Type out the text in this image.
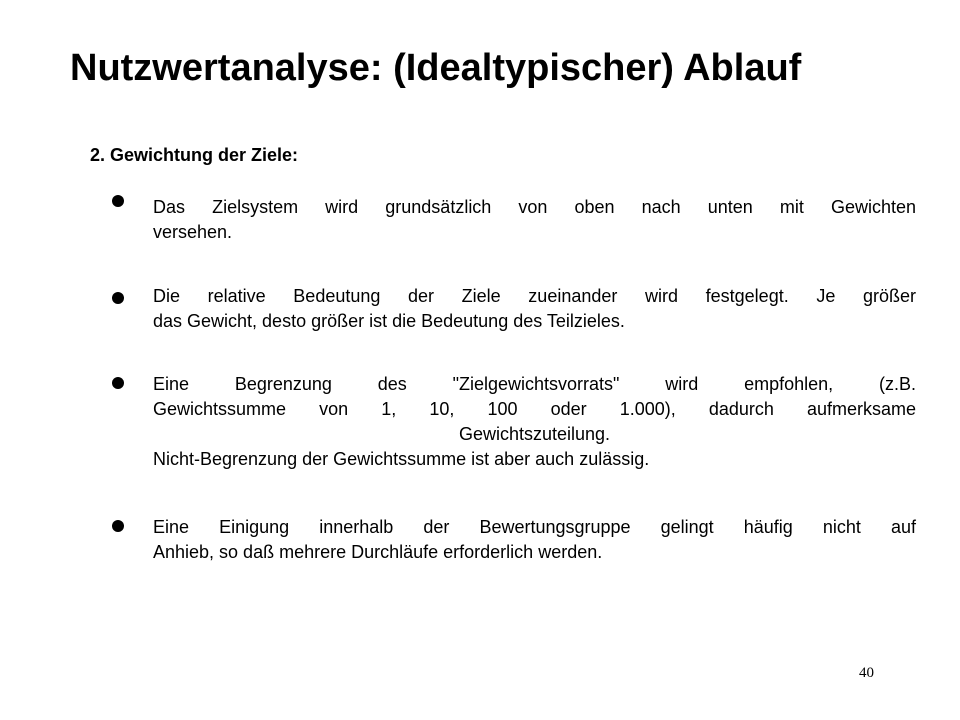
Nutzwertanalyse: (Idealtypischer) Ablauf
2. Gewichtung der Ziele:
Das Zielsystem wird grundsätzlich von oben nach unten mit Gewichten
versehen.
Die relative Bedeutung der Ziele zueinander wird festgelegt. Je größer
das Gewicht, desto größer ist die Bedeutung des Teilzieles.
Eine Begrenzung des "Zielgewichtsvorrats" wird empfohlen, (z.B.
Gewichtssumme von 1, 10, 100 oder 1.000), dadurch aufmerksame
Gewichtszuteilung.
Nicht-Begrenzung der Gewichtssumme ist aber auch zulässig.
Eine Einigung innerhalb der Bewertungsgruppe gelingt häufig nicht auf
Anhieb, so daß mehrere Durchläufe erforderlich werden.
40
